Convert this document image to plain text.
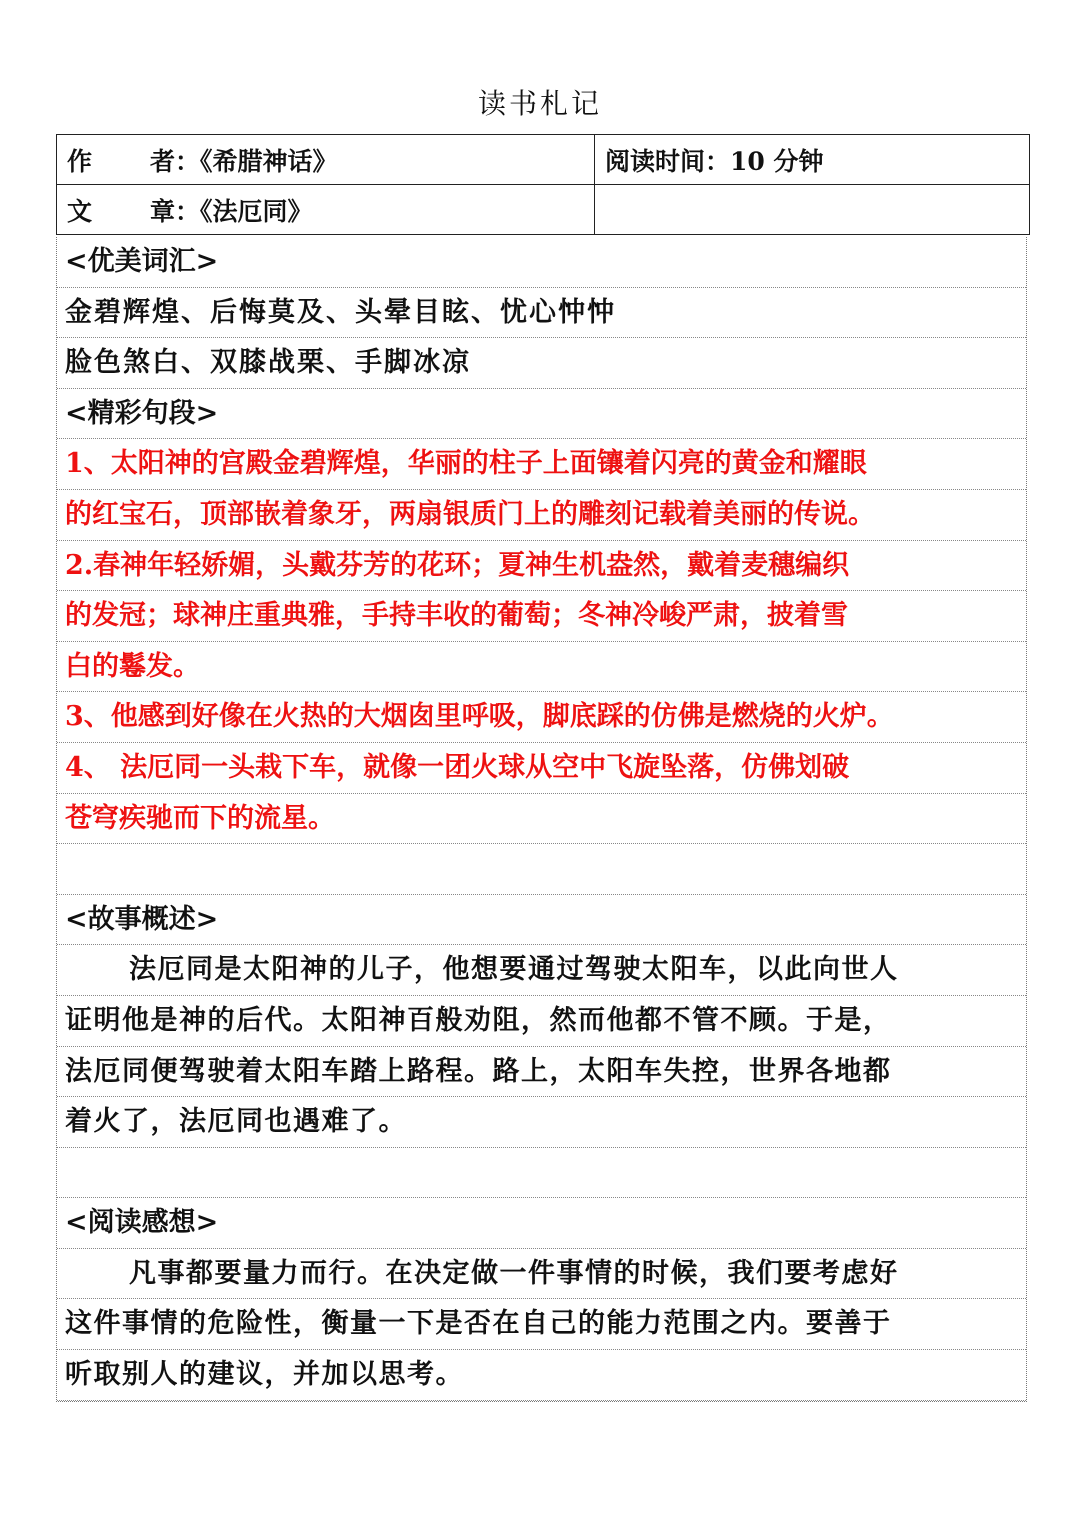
读书札记
作 者：《希腊神话》	阅读时间：10 分钟
文 章：《法厄同》	
<优美词汇>
金碧辉煌、后悔莫及、头晕目眩、忧心忡忡
脸色煞白、双膝战栗、手脚冰凉
<精彩句段>
1、太阳神的宫殿金碧辉煌，华丽的柱子上面镶着闪亮的黄金和耀眼
的红宝石，顶部嵌着象牙，两扇银质门上的雕刻记载着美丽的传说。
2.春神年轻娇媚，头戴芬芳的花环；夏神生机盎然，戴着麦穗编织
的发冠；球神庄重典雅，手持丰收的葡萄；冬神冷峻严肃，披着雪
白的鬈发。
3、他感到好像在火热的大烟囱里呼吸，脚底踩的仿佛是燃烧的火炉。
4、 法厄同一头栽下车，就像一团火球从空中飞旋坠落，仿佛划破
苍穹疾驰而下的流星。
<故事概述>
法厄同是太阳神的儿子，他想要通过驾驶太阳车，以此向世人
证明他是神的后代。太阳神百般劝阻，然而他都不管不顾。于是，
法厄同便驾驶着太阳车踏上路程。路上，太阳车失控，世界各地都
着火了，法厄同也遇难了。
<阅读感想>
凡事都要量力而行。在决定做一件事情的时候，我们要考虑好
这件事情的危险性，衡量一下是否在自己的能力范围之内。要善于
听取别人的建议，并加以思考。
